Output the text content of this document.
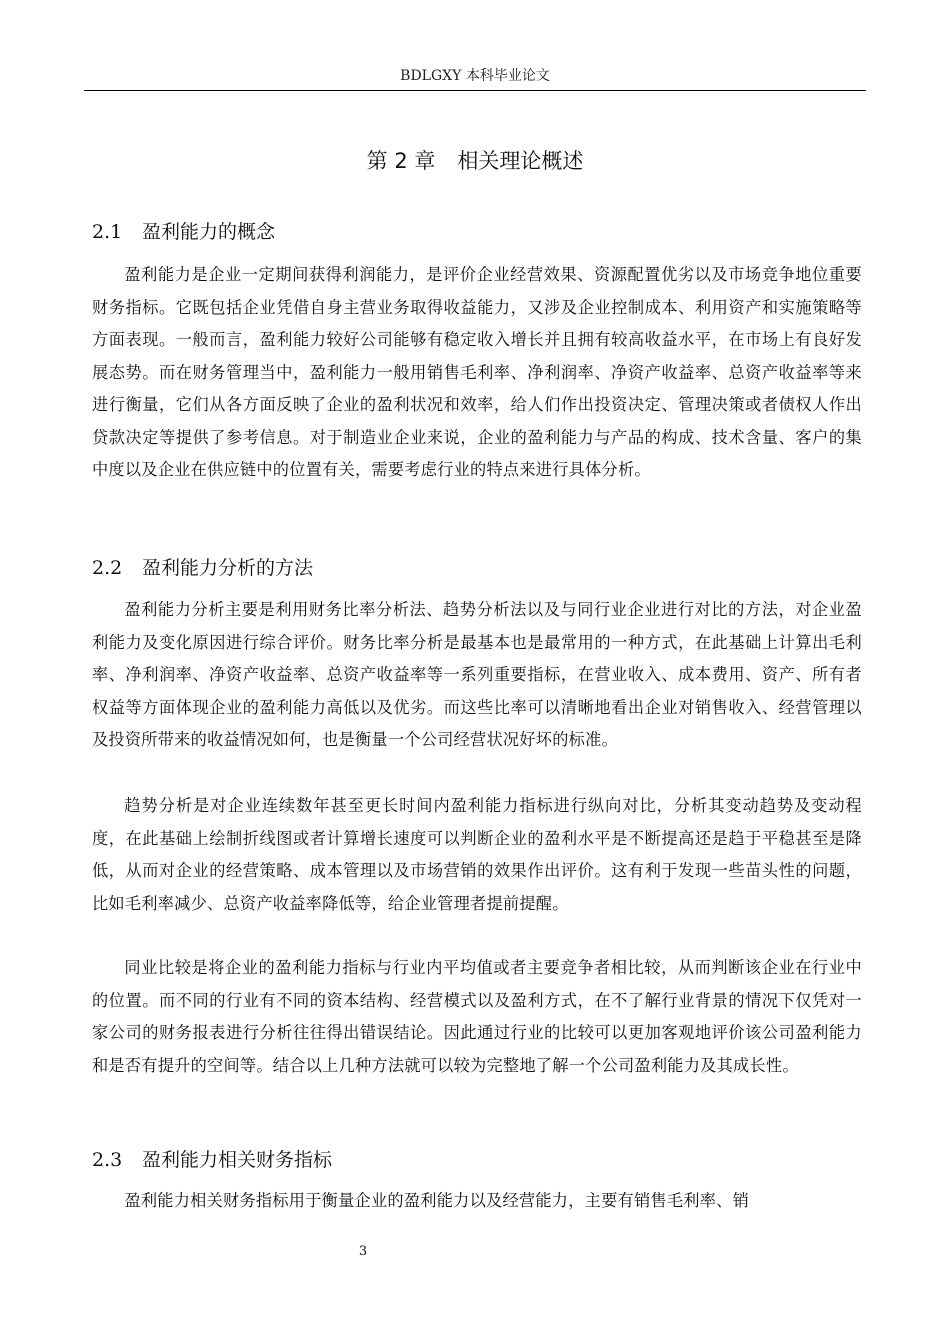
BDLGXY 本科毕业论文
第 2 章 相关理论概述
2.1 盈利能力的概念

盈利能力是企业一定期间获得利润能力，是评价企业经营效果、资源配置优劣以及市场竞争地位重要财务指标。它既包括企业凭借自身主营业务取得收益能力，又涉及企业控制成本、利用资产和实施策略等方面表现。一般而言，盈利能力较好公司能够有稳定收入增长并且拥有较高收益水平，在市场上有良好发展态势。而在财务管理当中，盈利能力一般用销售毛利率、净利润率、净资产收益率、总资产收益率等来进行衡量，它们从各方面反映了企业的盈利状况和效率，给人们作出投资决定、管理决策或者债权人作出贷款决定等提供了参考信息。对于制造业企业来说，企业的盈利能力与产品的构成、技术含量、客户的集中度以及企业在供应链中的位置有关，需要考虑行业的特点来进行具体分析。

2.2 盈利能力分析的方法

盈利能力分析主要是利用财务比率分析法、趋势分析法以及与同行业企业进行对比的方法，对企业盈利能力及变化原因进行综合评价。财务比率分析是最基本也是最常用的一种方式，在此基础上计算出毛利率、净利润率、净资产收益率、总资产收益率等一系列重要指标，在营业收入、成本费用、资产、所有者权益等方面体现企业的盈利能力高低以及优劣。而这些比率可以清晰地看出企业对销售收入、经营管理以及投资所带来的收益情况如何，也是衡量一个公司经营状况好坏的标准。

趋势分析是对企业连续数年甚至更长时间内盈利能力指标进行纵向对比，分析其变动趋势及变动程度，在此基础上绘制折线图或者计算增长速度可以判断企业的盈利水平是不断提高还是趋于平稳甚至是降低，从而对企业的经营策略、成本管理以及市场营销的效果作出评价。这有利于发现一些苗头性的问题，比如毛利率减少、总资产收益率降低等，给企业管理者提前提醒。

同业比较是将企业的盈利能力指标与行业内平均值或者主要竞争者相比较，从而判断该企业在行业中的位置。而不同的行业有不同的资本结构、经营模式以及盈利方式，在不了解行业背景的情况下仅凭对一家公司的财务报表进行分析往往得出错误结论。因此通过行业的比较可以更加客观地评价该公司盈利能力和是否有提升的空间等。结合以上几种方法就可以较为完整地了解一个公司盈利能力及其成长性。

2.3 盈利能力相关财务指标

盈利能力相关财务指标用于衡量企业的盈利能力以及经营能力，主要有销售毛利率、销

3
